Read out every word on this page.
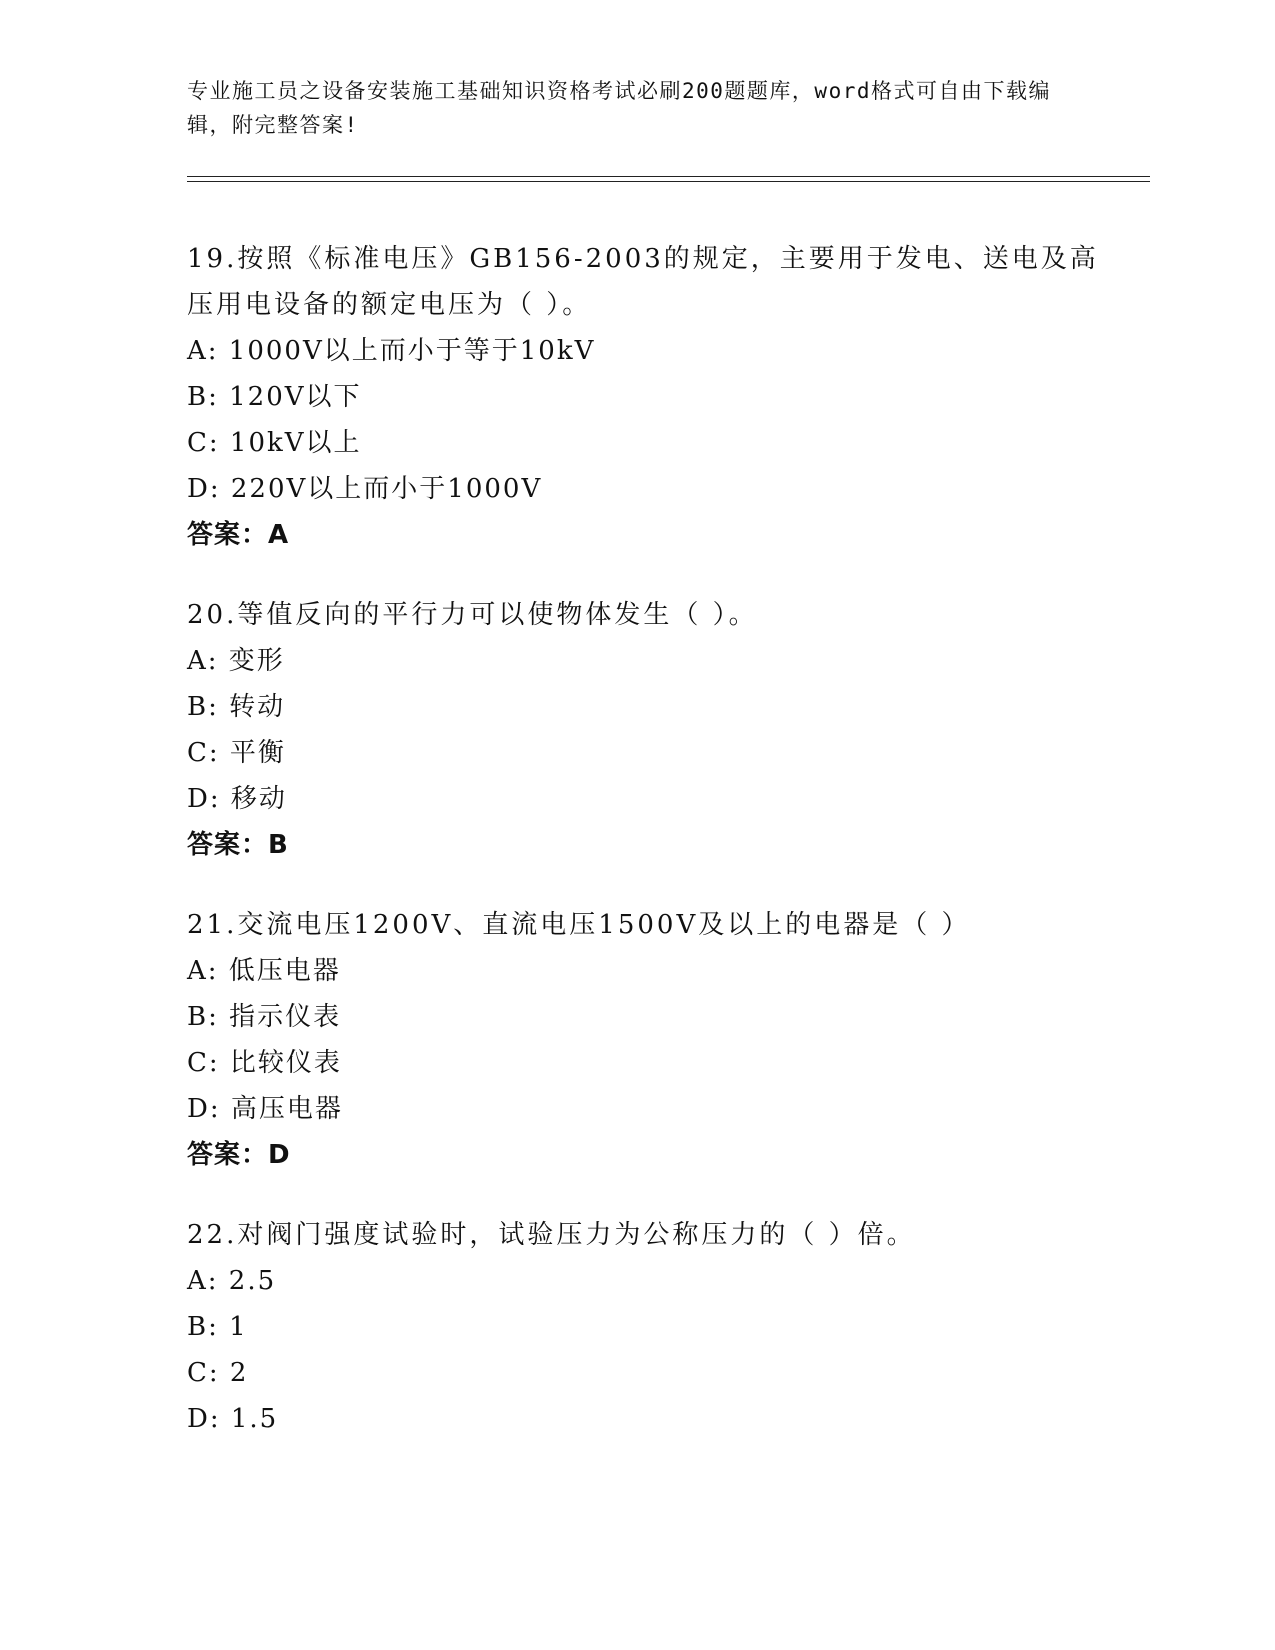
专业施工员之设备安装施工基础知识资格考试必刷200题题库，word格式可自由下载编辑，附完整答案!
19.按照《标准电压》GB156-2003的规定，主要用于发电、送电及高压用电设备的额定电压为（ ）。
A: 1000V以上而小于等于10kV
B: 120V以下
C: 10kV以上
D: 220V以上而小于1000V
答案：A
20.等值反向的平行力可以使物体发生（ ）。
A: 变形
B: 转动
C: 平衡
D: 移动
答案：B
21.交流电压1200V、直流电压1500V及以上的电器是（ ）
A: 低压电器
B: 指示仪表
C: 比较仪表
D: 高压电器
答案：D
22.对阀门强度试验时，试验压力为公称压力的（ ）倍。
A: 2.5
B: 1
C: 2
D: 1.5
